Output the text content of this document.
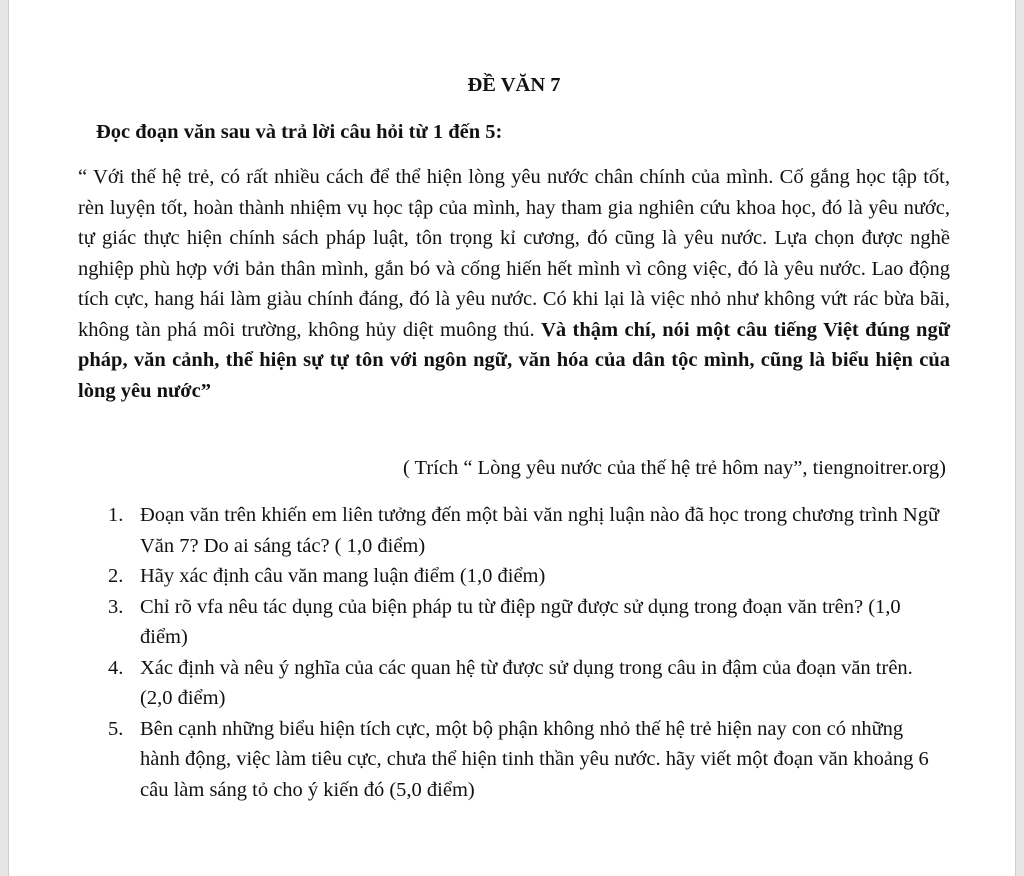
ĐỀ VĂN 7
Đọc đoạn văn sau và trả lời câu hỏi từ 1 đến 5:
“ Với thế hệ trẻ, có rất nhiều cách để thể hiện lòng yêu nước chân chính của mình. Cố gắng học tập tốt, rèn luyện tốt, hoàn thành nhiệm vụ học tập của mình, hay tham gia nghiên cứu khoa học, đó là yêu nước, tự giác thực hiện chính sách pháp luật, tôn trọng kỉ cương, đó cũng là yêu nước. Lựa chọn được nghề nghiệp phù hợp với bản thân mình, gắn bó và cống hiến hết mình vì công việc, đó là yêu nước. Lao động tích cực, hang hái làm giàu chính đáng, đó là yêu nước. Có khi lại là việc nhỏ như không vứt rác bừa bãi, không tàn phá môi trường, không hủy diệt muông thú. Và thậm chí, nói một câu tiếng Việt đúng ngữ pháp, văn cảnh, thể hiện sự tự tôn với ngôn ngữ, văn hóa của dân tộc mình, cũng là biểu hiện của lòng yêu nước”
( Trích “ Lòng yêu nước của thế hệ trẻ hôm nay”, tiengnoitrer.org)
1. Đoạn văn trên khiến em liên tưởng đến một bài văn nghị luận nào đã học trong chương trình Ngữ Văn 7? Do ai sáng tác? ( 1,0 điểm)
2. Hãy xác định câu văn mang luận điểm (1,0 điểm)
3. Chỉ rõ vfa nêu tác dụng của biện pháp tu từ điệp ngữ được sử dụng trong đoạn văn trên? (1,0 điểm)
4. Xác định và nêu ý nghĩa của các quan hệ từ được sử dụng trong câu in đậm của đoạn văn trên. (2,0 điểm)
5. Bên cạnh những biểu hiện tích cực, một bộ phận không nhỏ thế hệ trẻ hiện nay con có những hành động, việc làm tiêu cực, chưa thể hiện tinh thần yêu nước. hãy viết một đoạn văn khoảng 6 câu làm sáng tỏ cho ý kiến đó (5,0 điểm)
